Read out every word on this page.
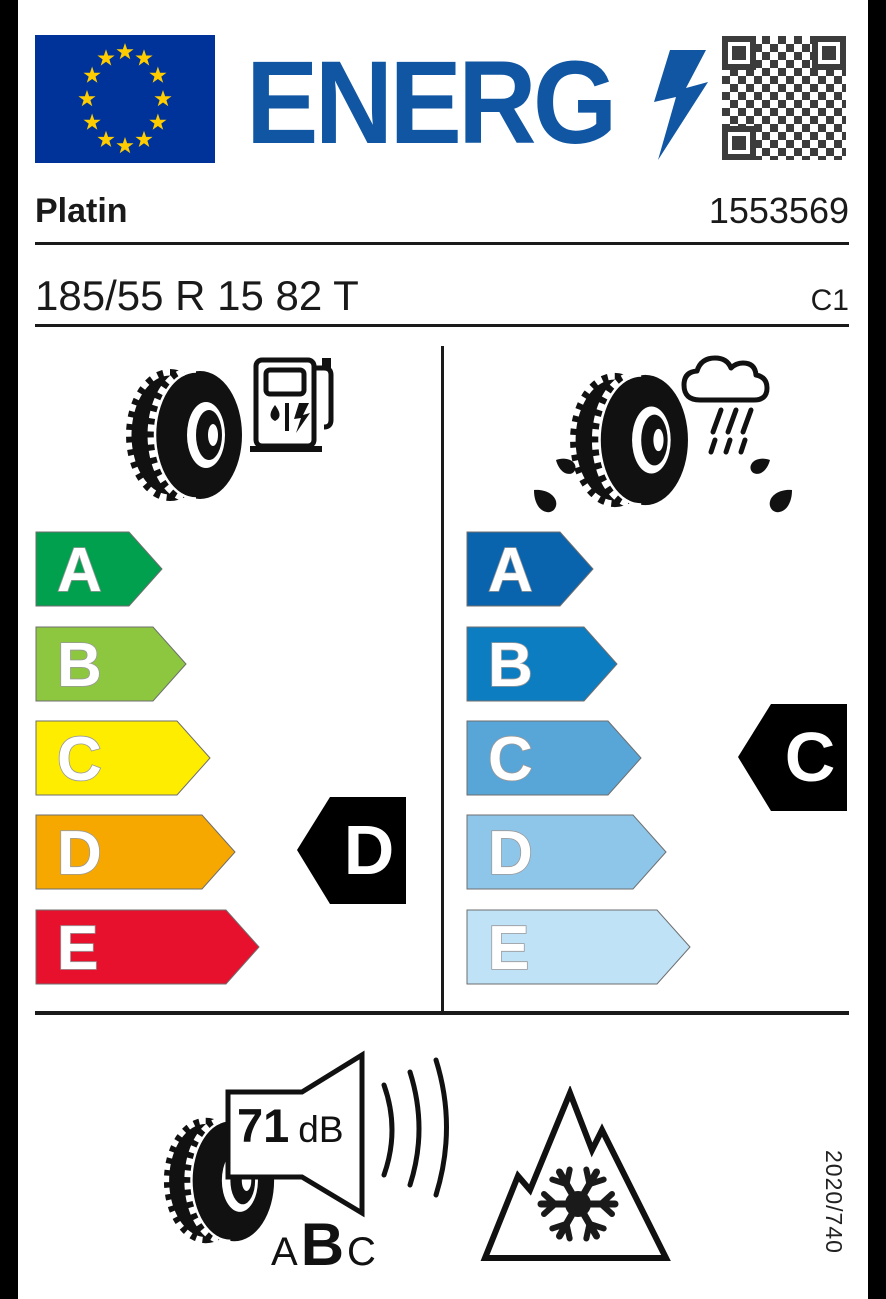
ENERG
Platin	1553569
185/55 R 15 82 T	C1
A
B
C
D
E
D
A
B
C
D
E
C
71 dB
A B C	2020/740
